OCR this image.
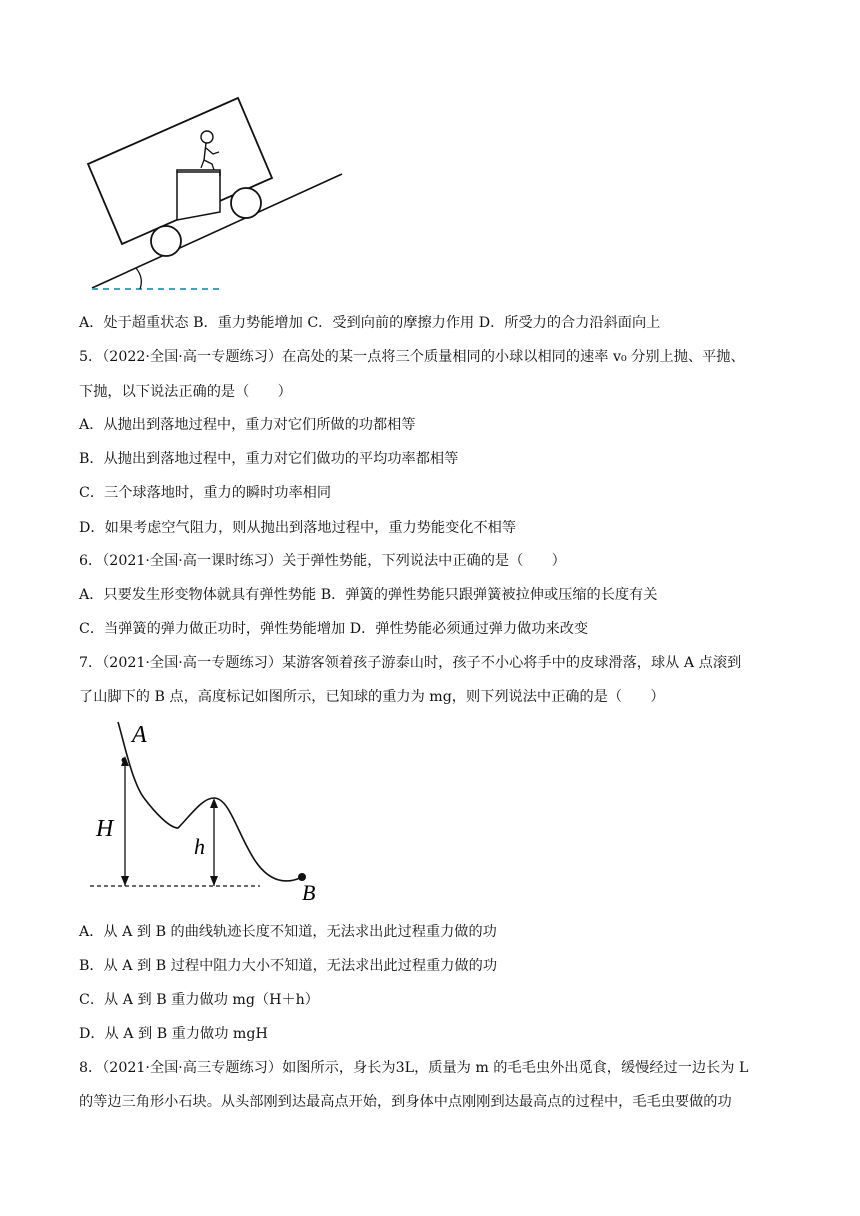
A．处于超重状态 B．重力势能增加 C．受到向前的摩擦力作用 D．所受力的合力沿斜面向上
5．（2022·全国·高一专题练习）在高处的某一点将三个质量相同的小球以相同的速率 v₀ 分别上抛、平抛、
下抛，以下说法正确的是（　　）
A．从抛出到落地过程中，重力对它们所做的功都相等
B．从抛出到落地过程中，重力对它们做功的平均功率都相等
C．三个球落地时，重力的瞬时功率相同
D．如果考虑空气阻力，则从抛出到落地过程中，重力势能变化不相等
6．（2021·全国·高一课时练习）关于弹性势能，下列说法中正确的是（　　）
A．只要发生形变物体就具有弹性势能 B．弹簧的弹性势能只跟弹簧被拉伸或压缩的长度有关
C．当弹簧的弹力做正功时，弹性势能增加 D．弹性势能必须通过弹力做功来改变
7．（2021·全国·高一专题练习）某游客领着孩子游泰山时，孩子不小心将手中的皮球滑落，球从 A 点滚到
了山脚下的 B 点，高度标记如图所示，已知球的重力为 mg，则下列说法中正确的是（　　）
A
B
H
h
A．从 A 到 B 的曲线轨迹长度不知道，无法求出此过程重力做的功
B．从 A 到 B 过程中阻力大小不知道，无法求出此过程重力做的功
C．从 A 到 B 重力做功 mg（H＋h）
D．从 A 到 B 重力做功 mgH
8．（2021·全国·高三专题练习）如图所示，身长为3L，质量为 m 的毛毛虫外出觅食，缓慢经过一边长为 L
的等边三角形小石块。从头部刚到达最高点开始，到身体中点刚刚到达最高点的过程中，毛毛虫要做的功
